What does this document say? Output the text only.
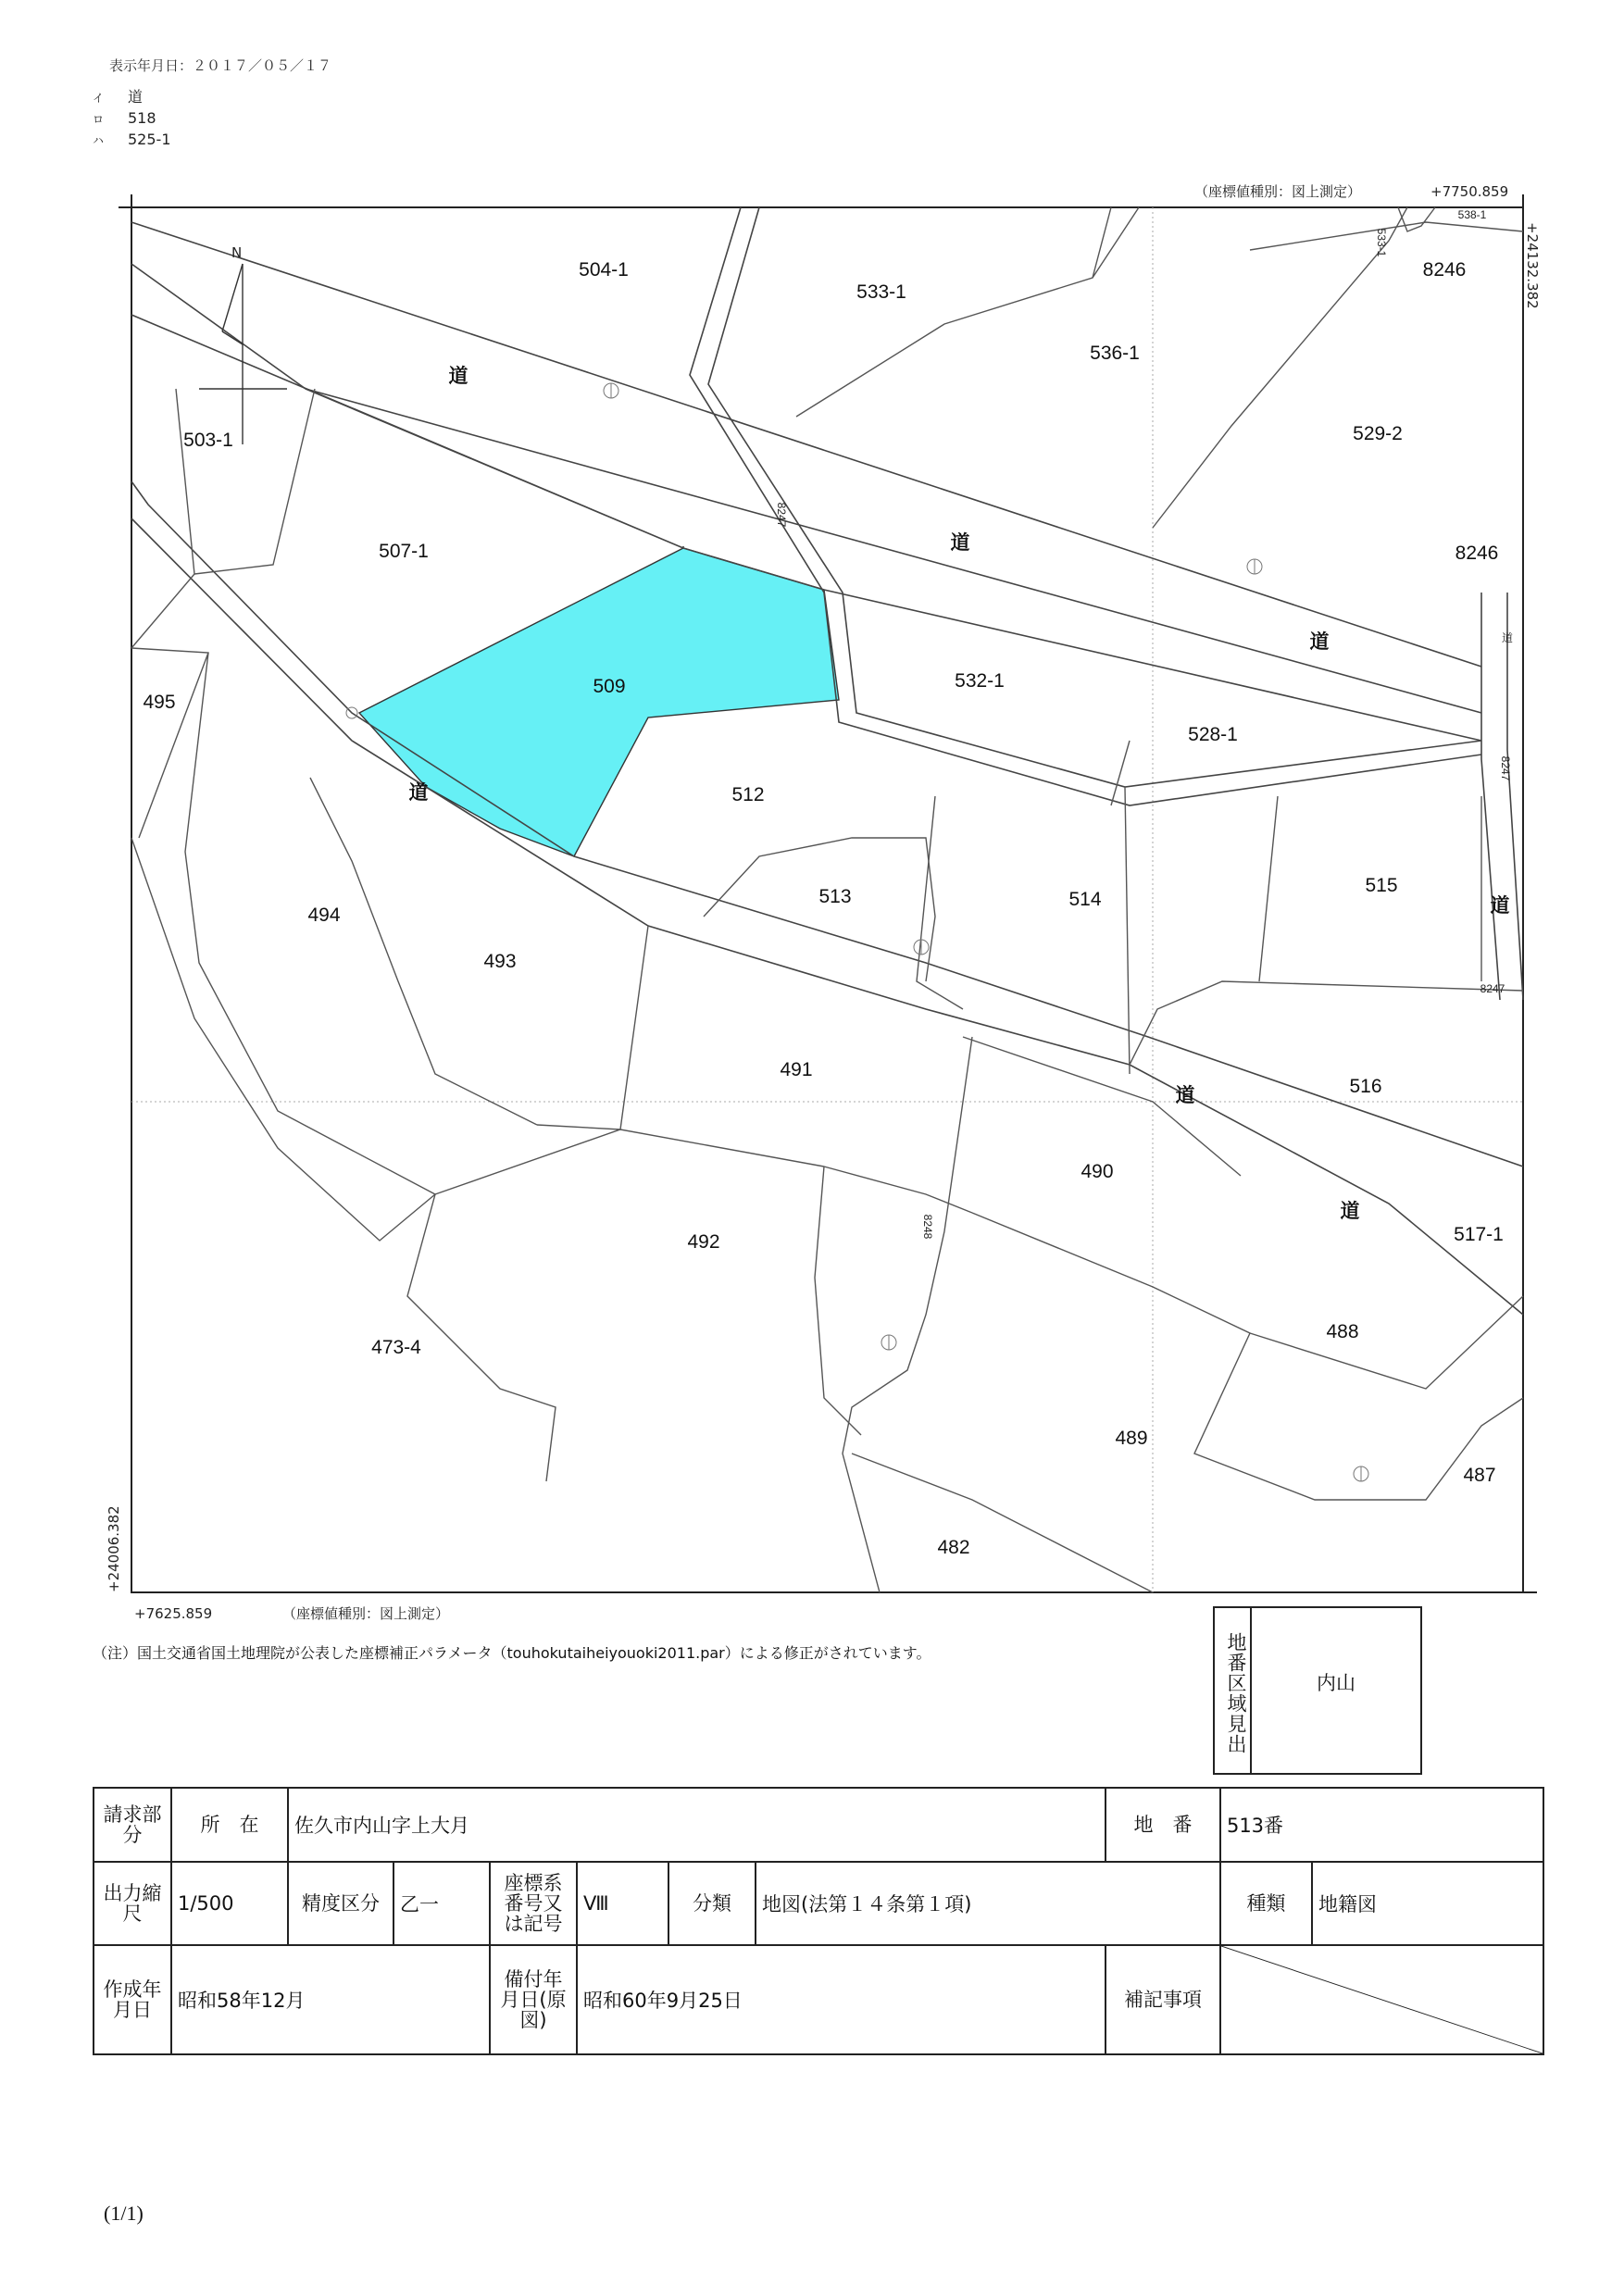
表示年月日：２０１７／０５／１７
イ 道
ロ 518
ハ 525-1
N
（座標値種別：図上測定）	+7750.859
+24132.382
+24006.382
+7625.859	（座標値種別：図上測定）
504-1
533-1
536-1
8246
529-2
503-1
507-1	8246
509	532-1
528-1
495
512
513	514
515
494
493
491
516
490
517-1
492
488
473-4
489
487
482
道
道
道
道
道
道
道
533-1
538-1
8247
8247
8247
8248
道
（注）国土交通省国土地理院が公表した座標補正パラメータ（touhokutaiheiyouoki2011.par）による修正がされています。	地番区域見出	内山
請求部分	所　在	佐久市内山字上大月						地　番	513番	
出力縮尺	1/500	精度区分	乙一	座標系番号又は記号	Ⅷ	分類	地図(法第１４条第１項)		種類	地籍図
作成年月日	昭和58年12月			備付年月日(原図)	昭和60年9月25日			補記事項	
(1/1)
